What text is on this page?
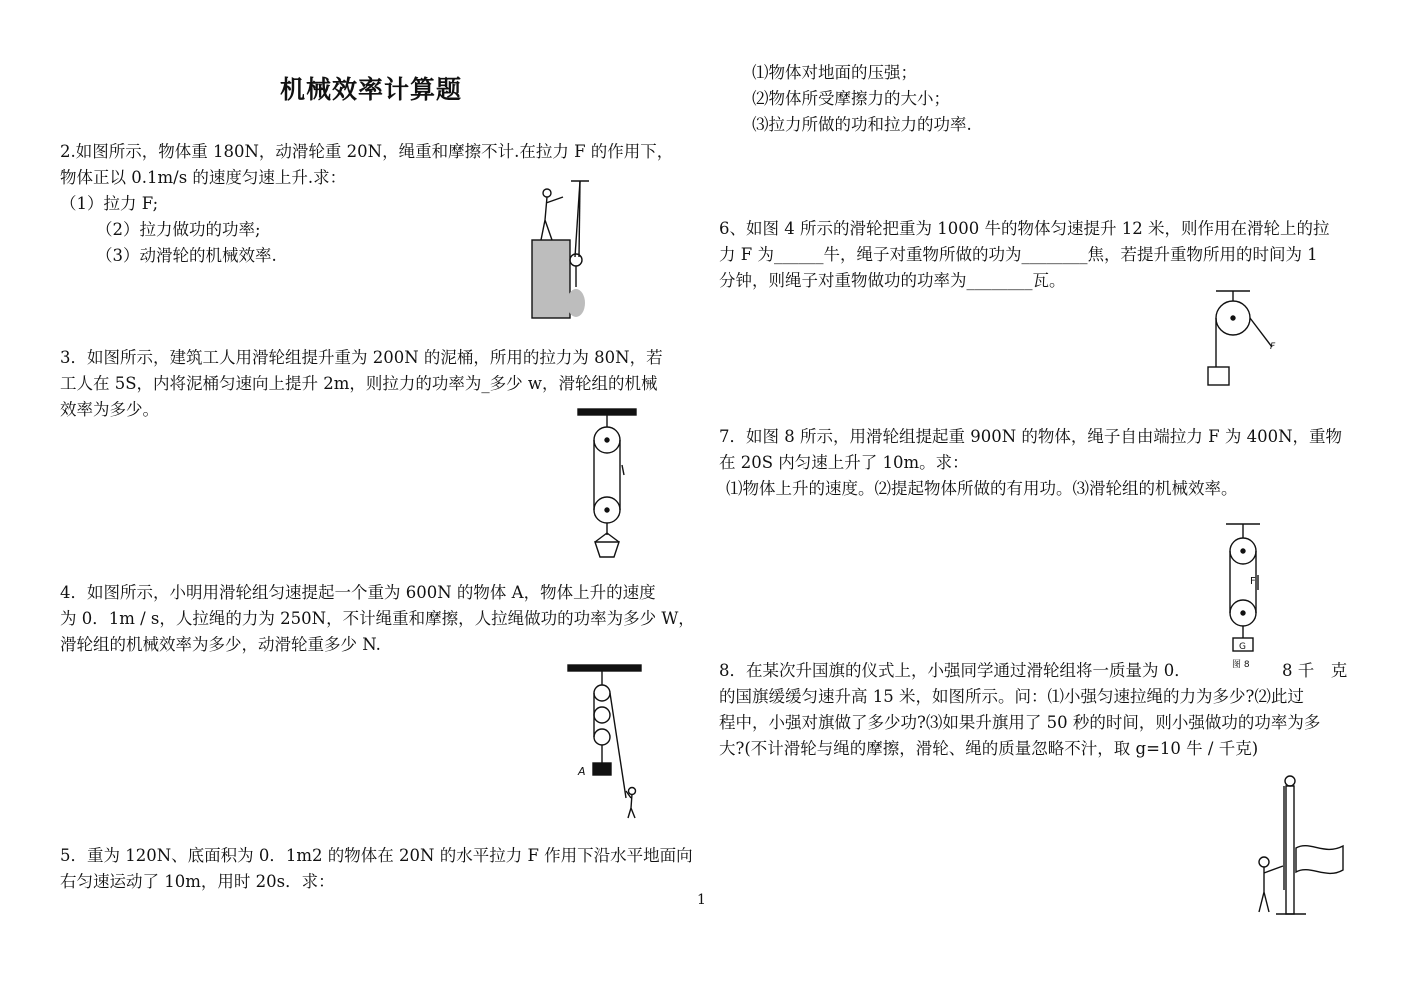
机械效率计算题
2.如图所示，物体重 180N，动滑轮重 20N，绳重和摩擦不计.在拉力 F 的作用下，
物体正以 0.1m/s 的速度匀速上升.求：
（1）拉力 F;
（2）拉力做功的功率;
（3）动滑轮的机械效率.
3．如图所示，建筑工人用滑轮组提升重为 200N 的泥桶，所用的拉力为 80N，若
工人在 5S，内将泥桶匀速向上提升 2m，则拉力的功率为_多少 w，滑轮组的机械
效率为多少。
4．如图所示，小明用滑轮组匀速提起一个重为 600N 的物体 A，物体上升的速度
为 0．1m / s，人拉绳的力为 250N，不计绳重和摩擦，人拉绳做功的功率为多少 W，
滑轮组的机械效率为多少，动滑轮重多少 N.
A
5．重为 120N、底面积为 0．1m2 的物体在 20N 的水平拉力 F 作用下沿水平地面向
右匀速运动了 10m，用时 20s．求：
1
⑴物体对地面的压强；
⑵物体所受摩擦力的大小；
⑶拉力所做的功和拉力的功率.
6、如图 4 所示的滑轮把重为 1000 牛的物体匀速提升 12 米，则作用在滑轮上的拉
力 F 为______牛，绳子对重物所做的功为________焦，若提升重物所用的时间为 1
分钟，则绳子对重物做功的功率为________瓦。
F
7．如图 8 所示，用滑轮组提起重 900N 的物体，绳子自由端拉力 F 为 400N，重物
在 20S 内匀速上升了 10m。求：
⑴物体上升的速度。⑵提起物体所做的有用功。⑶滑轮组的机械效率。
F
G
图 8
8．在某次升国旗的仪式上，小强同学通过滑轮组将一质量为 0．	8 千　克
的国旗缓缓匀速升高 15 米，如图所示。问：⑴小强匀速拉绳的力为多少?⑵此过
程中，小强对旗做了多少功?⑶如果升旗用了 50 秒的时间，则小强做功的功率为多
大?(不计滑轮与绳的摩擦，滑轮、绳的质量忽略不汁，取 g=10 牛 / 千克)
